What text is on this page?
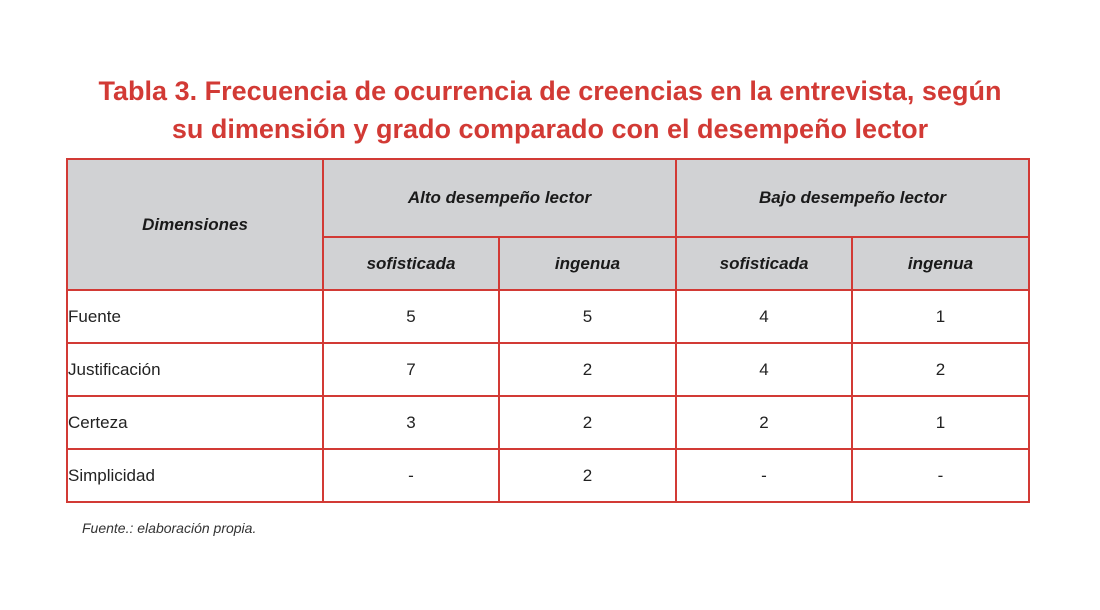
Tabla 3. Frecuencia de ocurrencia de creencias en la entrevista, según
su dimensión y grado comparado con el desempeño lector
Dimensiones	Alto desempeño lector		Bajo desempeño lector	
	sofisticada	ingenua	sofisticada	ingenua
Fuente	5	5	4	1
Justificación	7	2	4	2
Certeza	3	2	2	1
Simplicidad	-	2	-	-
Fuente.: elaboración propia.
